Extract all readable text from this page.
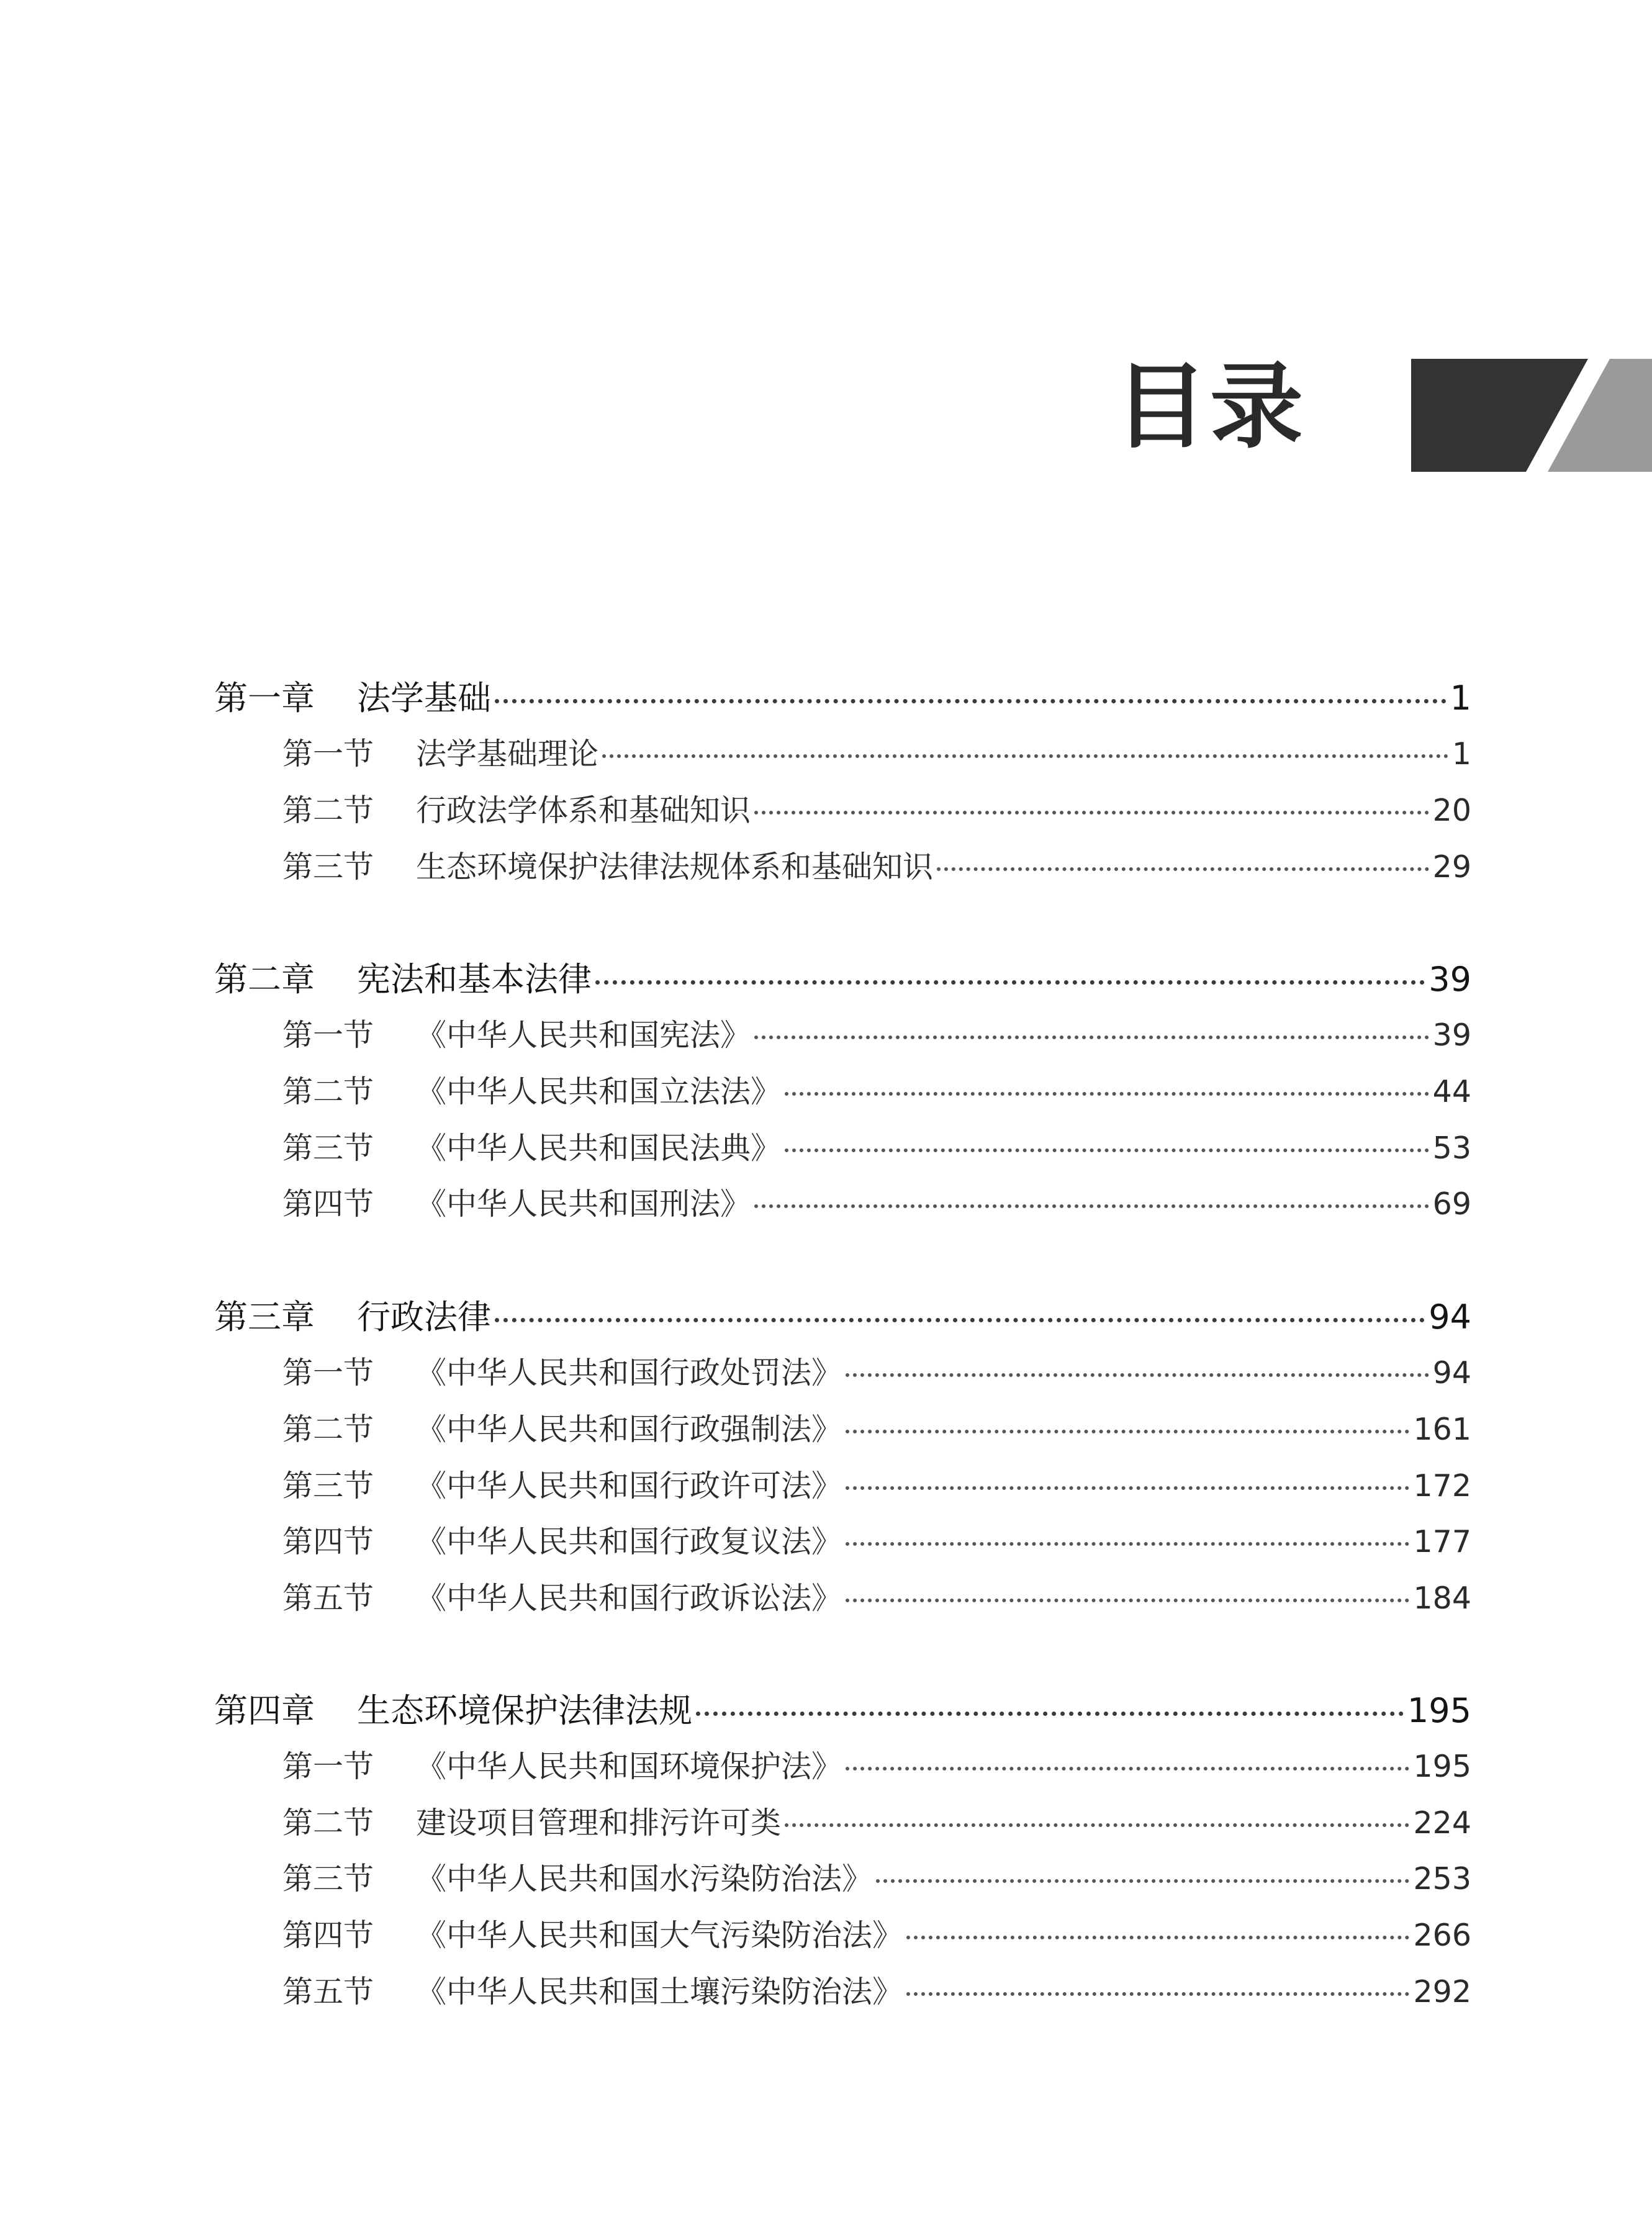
目录
第一章	法学基础	1
第一节	法学基础理论	1
第二节	行政法学体系和基础知识	20
第三节	生态环境保护法律法规体系和基础知识	29
第二章	宪法和基本法律	39
第一节	《中华人民共和国宪法》	39
第二节	《中华人民共和国立法法》	44
第三节	《中华人民共和国民法典》	53
第四节	《中华人民共和国刑法》	69
第三章	行政法律	94
第一节	《中华人民共和国行政处罚法》	94
第二节	《中华人民共和国行政强制法》	161
第三节	《中华人民共和国行政许可法》	172
第四节	《中华人民共和国行政复议法》	177
第五节	《中华人民共和国行政诉讼法》	184
第四章	生态环境保护法律法规	195
第一节	《中华人民共和国环境保护法》	195
第二节	建设项目管理和排污许可类	224
第三节	《中华人民共和国水污染防治法》	253
第四节	《中华人民共和国大气污染防治法》	266
第五节	《中华人民共和国土壤污染防治法》	292
